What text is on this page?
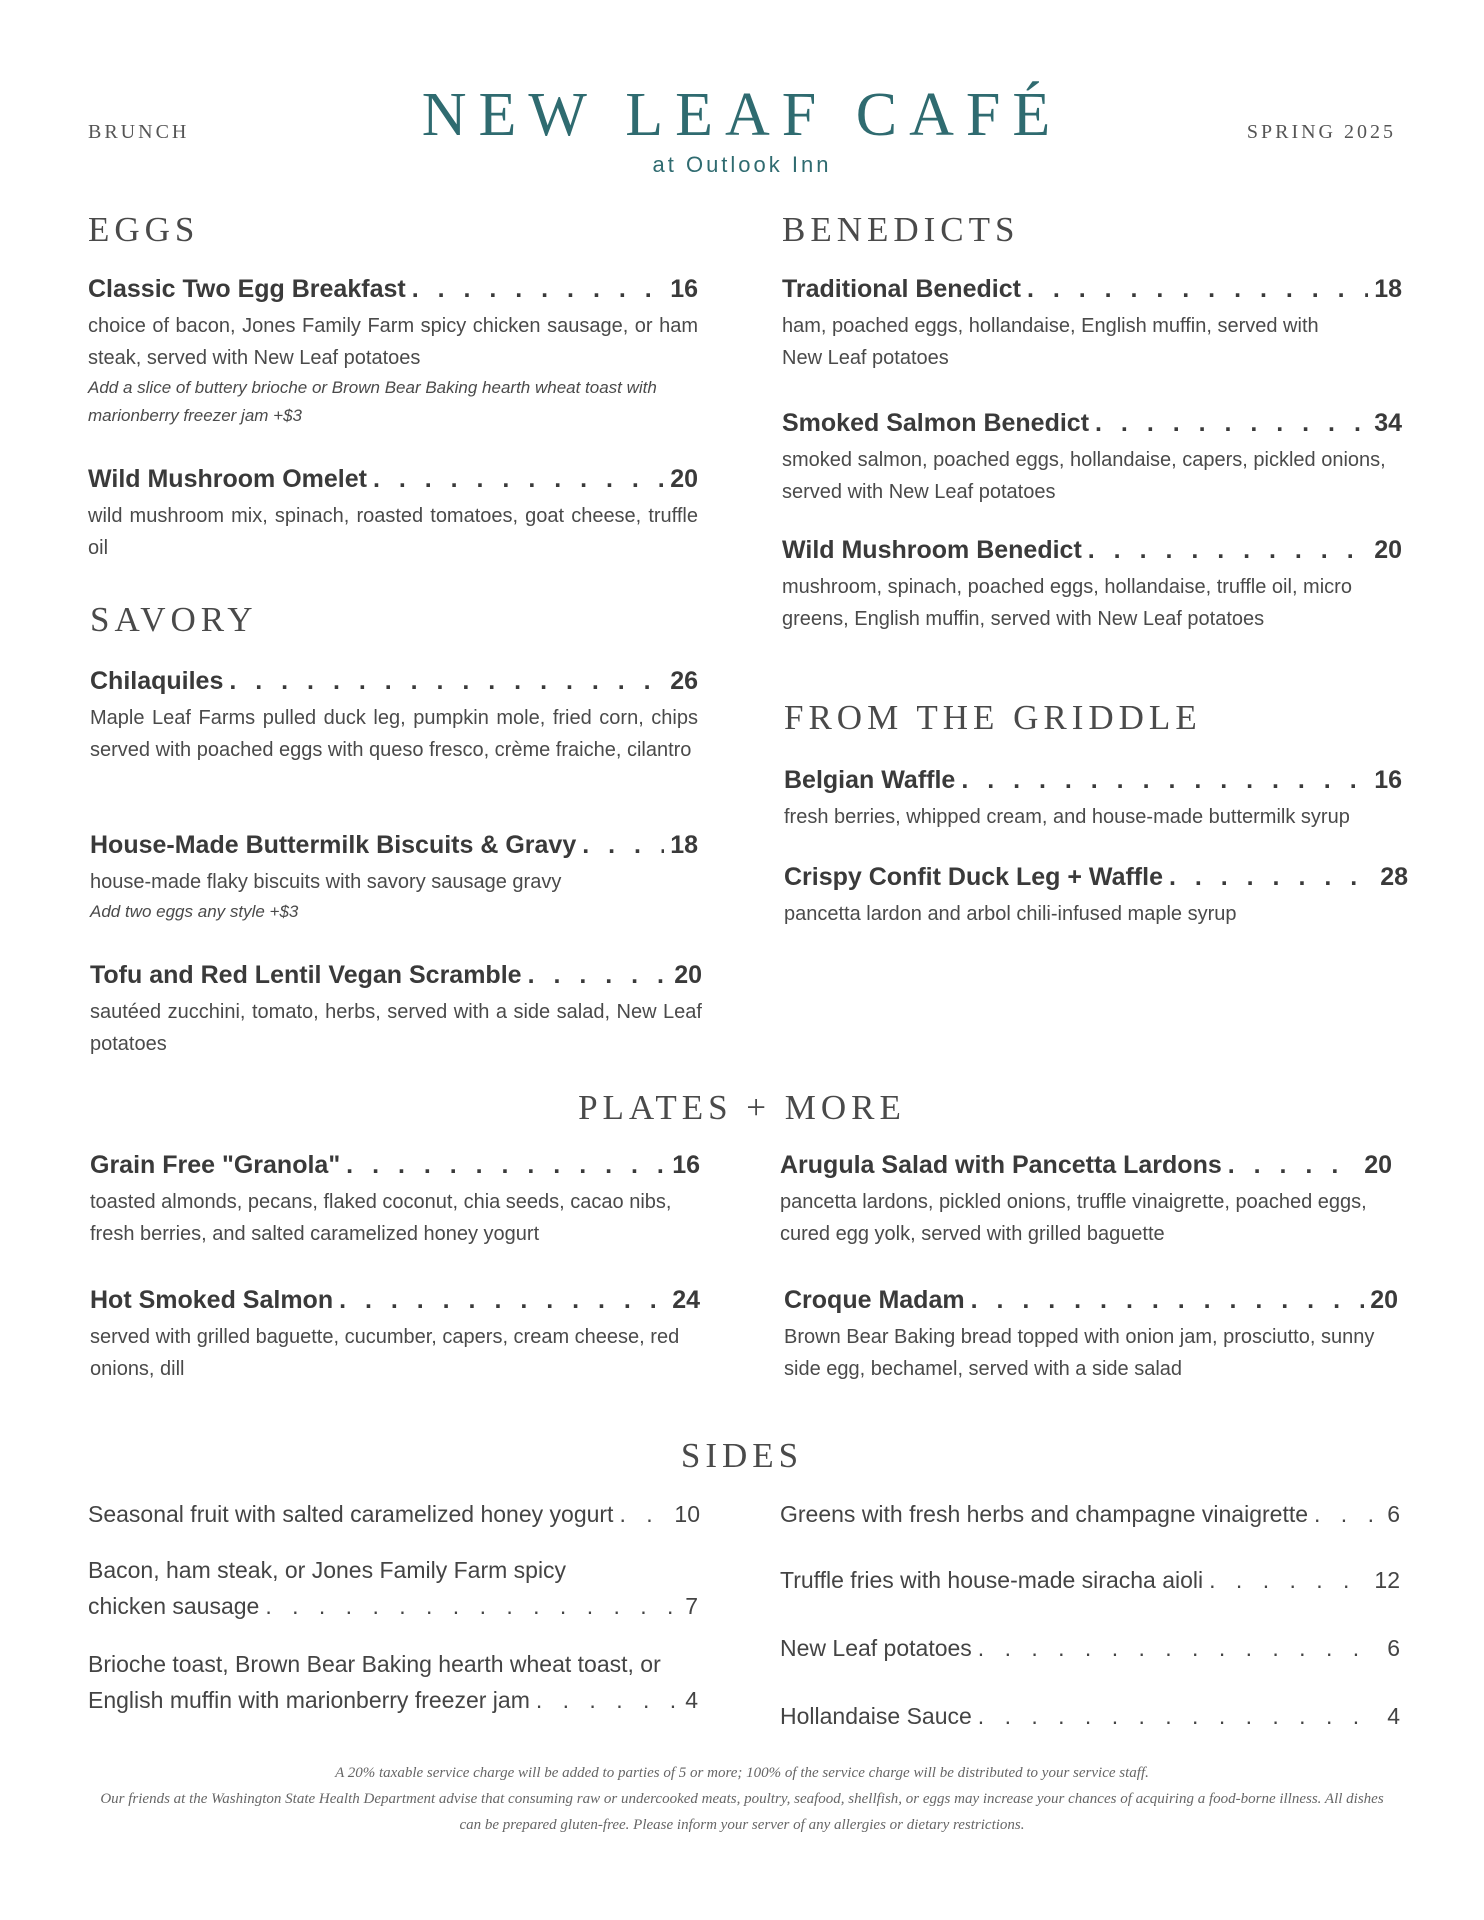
BRUNCH	SPRING 2025
NEW LEAF CAFÉ
at Outlook Inn
EGGS
Classic Two Egg Breakfast . . .	16
choice of bacon, Jones Family Farm spicy chicken sausage, or ham steak, served with New Leaf potatoes
Add a slice of buttery brioche or Brown Bear Baking hearth wheat toast with marionberry freezer jam +$3
Wild Mushroom Omelet . . .	20
wild mushroom mix, spinach, roasted tomatoes, goat cheese, truffle oil
SAVORY
Chilaquiles . . .	26
Maple Leaf Farms pulled duck leg, pumpkin mole, fried corn, chips served with poached eggs with queso fresco, crème fraiche, cilantro
House-Made Buttermilk Biscuits & Gravy . . .	18
house-made flaky biscuits with savory sausage gravy
Add two eggs any style +$3
Tofu and Red Lentil Vegan Scramble . . .	20
sautéed zucchini, tomato, herbs, served with a side salad, New Leaf potatoes
BENEDICTS
Traditional Benedict . . .	18
ham, poached eggs, hollandaise, English muffin, served with New Leaf potatoes
Smoked Salmon Benedict . . .	34
smoked salmon, poached eggs, hollandaise, capers, pickled onions, served with New Leaf potatoes
Wild Mushroom Benedict . . .	20
mushroom, spinach, poached eggs, hollandaise, truffle oil, micro greens, English muffin, served with New Leaf potatoes
FROM THE GRIDDLE
Belgian Waffle . . .	16
fresh berries, whipped cream, and house-made buttermilk syrup
Crispy Confit Duck Leg + Waffle . . .	28
pancetta lardon and arbol chili-infused maple syrup
PLATES + MORE
Grain Free "Granola" . . .	16
toasted almonds, pecans, flaked coconut, chia seeds, cacao nibs, fresh berries, and salted caramelized honey yogurt
Hot Smoked Salmon . . .	24
served with grilled baguette, cucumber, capers, cream cheese, red onions, dill
Arugula Salad with Pancetta Lardons . . .	20
pancetta lardons, pickled onions, truffle vinaigrette, poached eggs, cured egg yolk, served with grilled baguette
Croque Madam . . .	20
Brown Bear Baking bread topped with onion jam, prosciutto, sunny side egg, bechamel, served with a side salad
SIDES
Seasonal fruit with salted caramelized honey yogurt . . .	10
Bacon, ham steak, or Jones Family Farm spicy
chicken sausage . . .	7
Brioche toast, Brown Bear Baking hearth wheat toast, or
English muffin with marionberry freezer jam . . .	4
Greens with fresh herbs and champagne vinaigrette . . .	6
Truffle fries with house-made siracha aioli . . .	12
New Leaf potatoes . . .	6
Hollandaise Sauce . . .	4
A 20% taxable service charge will be added to parties of 5 or more; 100% of the service charge will be distributed to your service staff.
Our friends at the Washington State Health Department advise that consuming raw or undercooked meats, poultry, seafood, shellfish, or eggs may increase your chances of acquiring a food-borne illness. All dishes can be prepared gluten-free. Please inform your server of any allergies or dietary restrictions.
